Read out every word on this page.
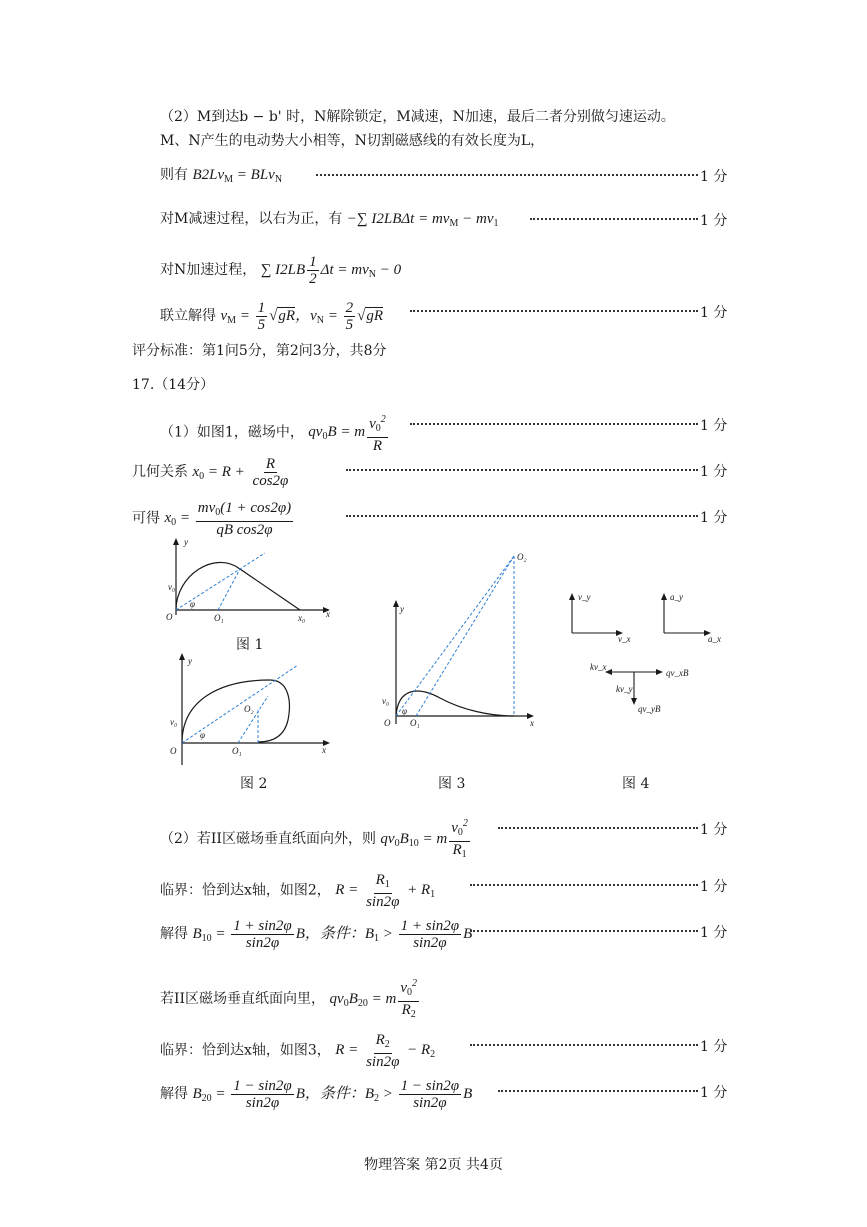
（2）M到达b − b' 时，N解除锁定，M减速，N加速，最后二者分别做匀速运动。
M、N产生的电动势大小相等，N切割磁感线的有效长度为L，
则有 $B2Lv_M = BLv_N$	1 分
对M减速过程，以右为正，有 −∑ $I2LB\Delta t = mv_M - mv_1$	1 分
对N加速过程， ∑ $I2LB \frac{1}{2}$ $\Delta t = mv_N - 0$
联立解得 $v_M = \frac{1}{5} √gR$，$v_N = \frac{2}{5} √gR$	1 分
评分标准：第1问5分，第2问3分，共8分
17.（14分）
（1）如图1，磁场中， $qv_0B = m \frac{v_0^2}{R}$	1 分
几何关系 $x_0 = R + \frac{R}{\cos 2\varphi}$	1 分
可得 $x_0 = \frac{mv_0(1 + \cos 2\varphi)}{\text{qB cos2φ}}$	1 分
y
x
O
v₀
φ
O₁	x₀
图 1
y
x
O
v₀
φ
O₁
O₂
图 2
y
x
O
v₀
φ
O₁
O₂
图 3
v_y
v_x
a_y
a_x
kv_x
qv_xB
kv_y
qv_yB
图 4
（2）若II区磁场垂直纸面向外，则 $qv_0B_{10} = m \frac{v_0^2}{R_1}$	1 分
临界：恰到达x轴，如图2， $R = \frac{R_1}{\sin 2\varphi} + R_1$	1 分
解得 $B_{10} = \frac{1 + \sin 2\varphi}{\sin 2\varphi}$ B，条件：$B_1 > \frac{1 + \sin 2\varphi}{\sin 2\varphi}$ B	1 分
若II区磁场垂直纸面向里， $qv_0B_{20} = m \frac{v_0^2}{R_2}$
临界：恰到达x轴，如图3， $R = \frac{R_2}{\sin 2\varphi} - R_2$	1 分
解得 $B_{20} = \frac{1 - \sin 2\varphi}{\sin 2\varphi}$ B，条件：$B_2 > \frac{1 - \sin 2\varphi}{\sin 2\varphi}$ B	1 分
物理答案 第2页 共4页
